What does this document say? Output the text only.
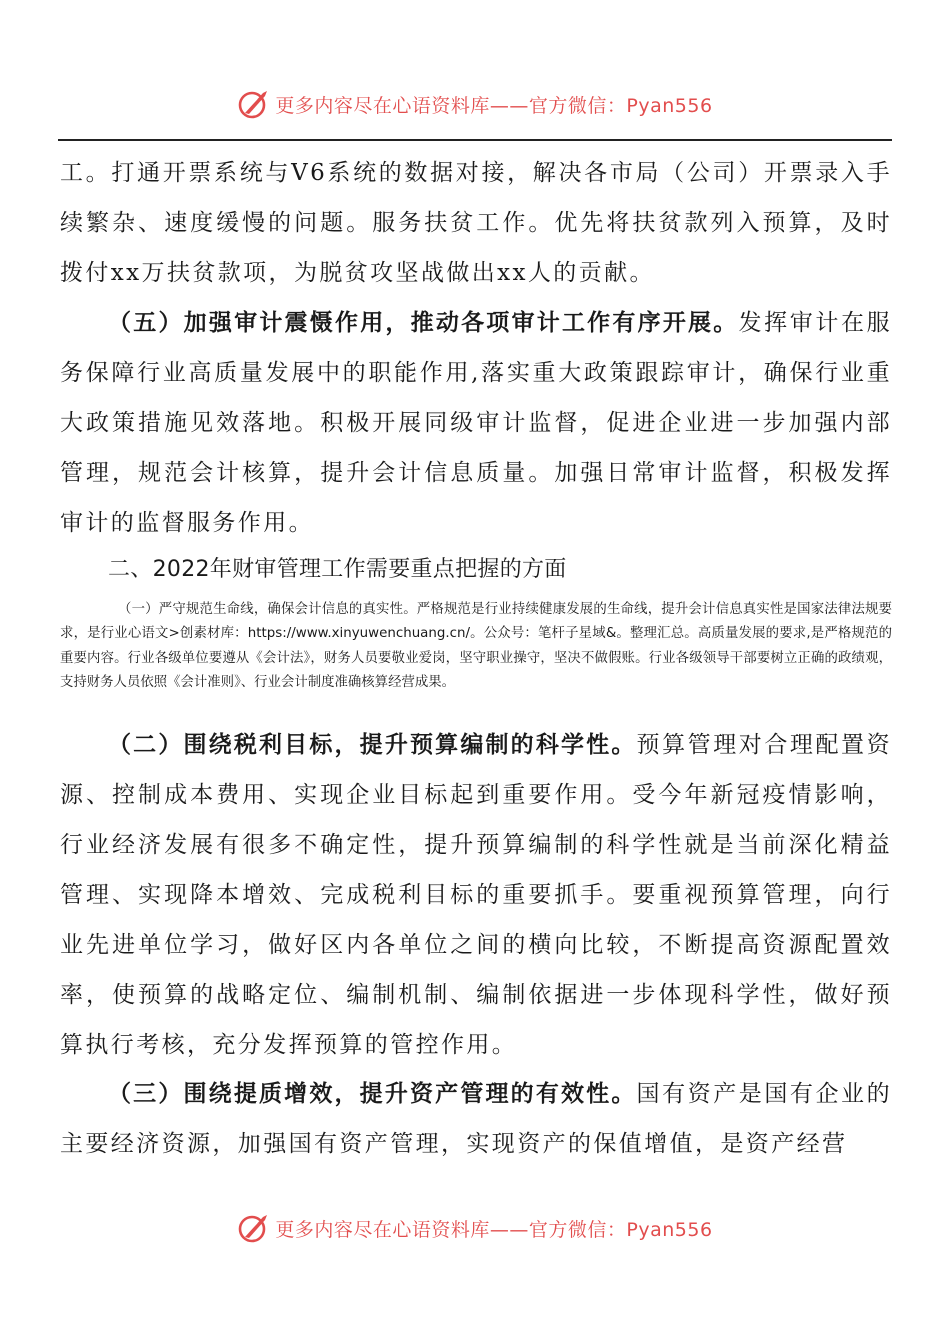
更多内容尽在心语资料库——官方微信：Pyan556

工。打通开票系统与V6系统的数据对接，解决各市局（公司）开票录入手续繁杂、速度缓慢的问题。服务扶贫工作。优先将扶贫款列入预算，及时拨付xx万扶贫款项，为脱贫攻坚战做出xx人的贡献。

（五）加强审计震慑作用，推动各项审计工作有序开展。发挥审计在服务保障行业高质量发展中的职能作用,落实重大政策跟踪审计，确保行业重大政策措施见效落地。积极开展同级审计监督，促进企业进一步加强内部管理，规范会计核算，提升会计信息质量。加强日常审计监督，积极发挥审计的监督服务作用。

二、2022年财审管理工作需要重点把握的方面

（一）严守规范生命线，确保会计信息的真实性。严格规范是行业持续健康发展的生命线，提升会计信息真实性是国家法律法规要求，是行业心语文>创素材库：https://www.xinyuwenchuang.cn/。公众号：笔杆子星域&。整理汇总。高质量发展的要求,是严格规范的重要内容。行业各级单位要遵从《会计法》，财务人员要敬业爱岗，坚守职业操守，坚决不做假账。行业各级领导干部要树立正确的政绩观，支持财务人员依照《会计准则》、行业会计制度准确核算经营成果。

（二）围绕税利目标，提升预算编制的科学性。预算管理对合理配置资源、控制成本费用、实现企业目标起到重要作用。受今年新冠疫情影响，行业经济发展有很多不确定性，提升预算编制的科学性就是当前深化精益管理、实现降本增效、完成税利目标的重要抓手。要重视预算管理，向行业先进单位学习，做好区内各单位之间的横向比较，不断提高资源配置效率，使预算的战略定位、编制机制、编制依据进一步体现科学性，做好预算执行考核，充分发挥预算的管控作用。

（三）围绕提质增效，提升资产管理的有效性。国有资产是国有企业的主要经济资源，加强国有资产管理，实现资产的保值增值，是资产经营

更多内容尽在心语资料库——官方微信：Pyan556
